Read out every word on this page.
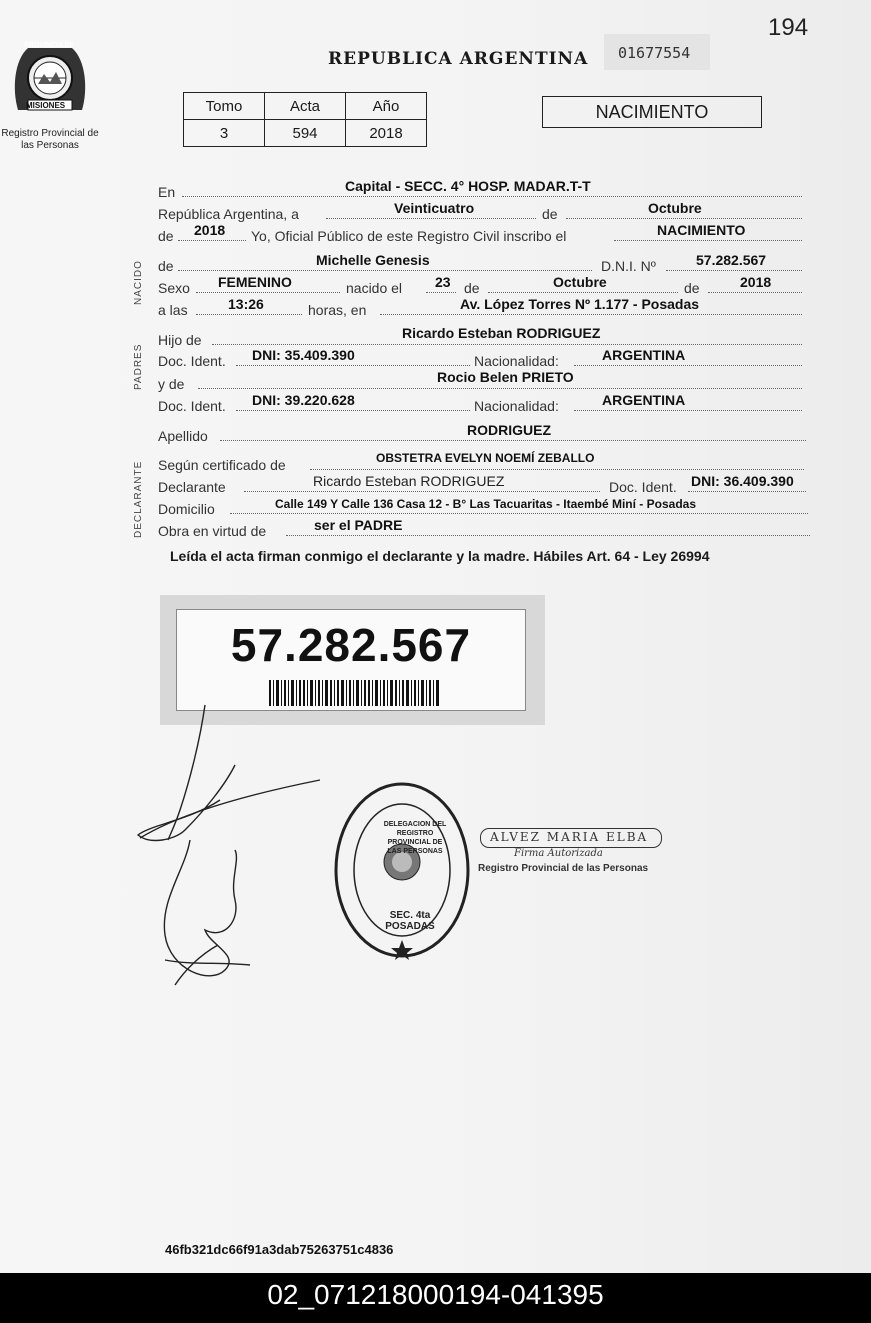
194
PROVINCIA DE
MISIONES
Registro Provincial de las Personas
REPUBLICA ARGENTINA 01677554
Tomo	Acta	Año
3	594	2018
NACIMIENTO
NACIDO
PADRES
DECLARANTE
En	Capital - SECC. 4° HOSP. MADAR.T-T
República Argentina, a	Veinticuatro	de	Octubre
de 2018 Yo, Oficial Público de este Registro Civil inscribo el	NACIMIENTO
de	Michelle Genesis	D.N.I. Nº	57.282.567
Sexo FEMENINO	nacido el 23 de	Octubre	de	2018
a las	13:26	horas, en	Av. López Torres Nº 1.177 - Posadas
Hijo de	Ricardo Esteban RODRIGUEZ
Doc. Ident. DNI: 35.409.390	Nacionalidad:	ARGENTINA
y de	Rocio Belen PRIETO
Doc. Ident. DNI: 39.220.628	Nacionalidad:	ARGENTINA
Apellido	RODRIGUEZ
Según certificado de	OBSTETRA EVELYN NOEMÍ ZEBALLO
Declarante	Ricardo Esteban RODRIGUEZ	Doc. Ident. DNI: 36.409.390
Domicilio	Calle 149 Y Calle 136 Casa 12 - B° Las Tacuaritas - Itaembé Miní - Posadas
Obra en virtud de	ser el PADRE
Leída el acta firman conmigo el declarante y la madre. Hábiles Art. 64 - Ley 26994
57.282.567
DELEGACION DEL REGISTRO PROVINCIAL DE LAS PERSONAS
SEC. 4ta POSADAS
ALVEZ MARIA ELBA
Firma Autorizada
Registro Provincial de las Personas
46fb321dc66f91a3dab75263751c4836
02_071218000194-041395
